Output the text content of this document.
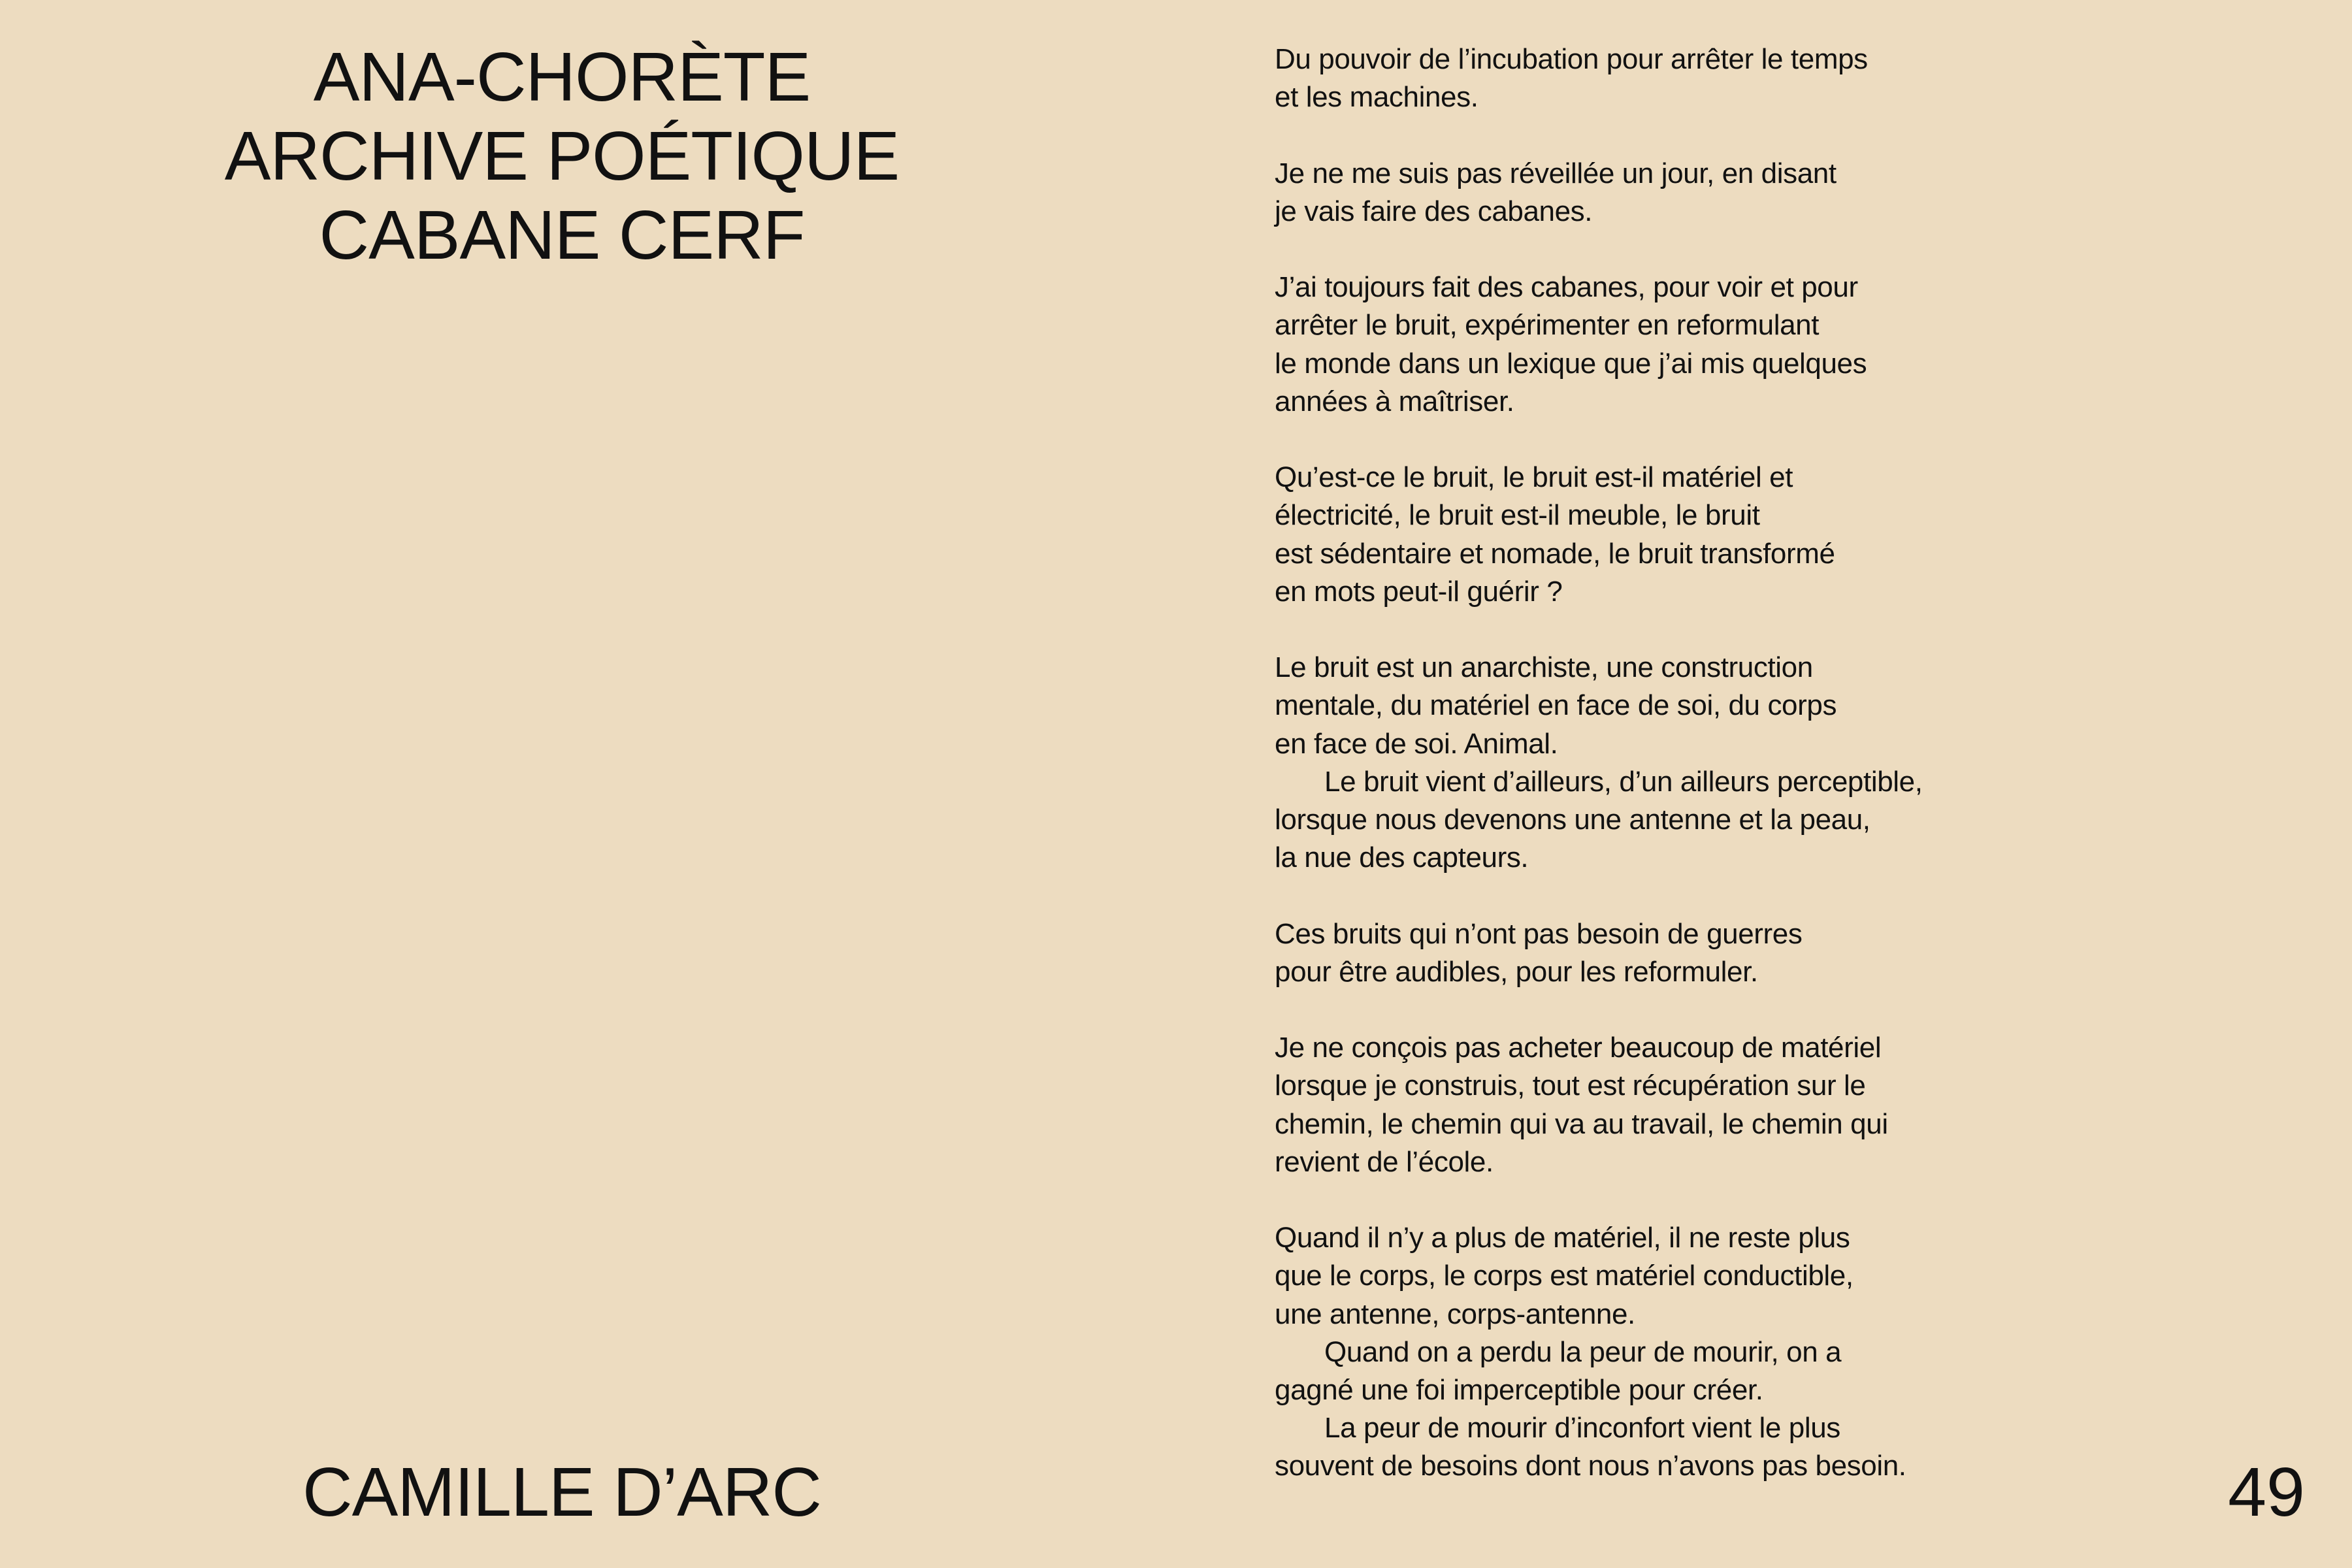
ANA-CHORÈTE
ARCHIVE POÉTIQUE
CABANE CERF
Du pouvoir de l’incubation pour arrêter le temps
et les machines.
Je ne me suis pas réveillée un jour, en disant
je vais faire des cabanes.
J’ai toujours fait des cabanes, pour voir et pour
arrêter le bruit, expérimenter en reformulant
le monde dans un lexique que j’ai mis quelques
années à maîtriser.
Qu’est-ce le bruit, le bruit est-il matériel et
électricité, le bruit est-il meuble, le bruit
est sédentaire et nomade, le bruit transformé
en mots peut-il guérir ?
Le bruit est un anarchiste, une construction
mentale, du matériel en face de soi, du corps
en face de soi. Animal.
Le bruit vient d’ailleurs, d’un ailleurs perceptible,
lorsque nous devenons une antenne et la peau,
la nue des capteurs.
Ces bruits qui n’ont pas besoin de guerres
pour être audibles, pour les reformuler.
Je ne conçois pas acheter beaucoup de matériel
lorsque je construis, tout est récupération sur le
chemin, le chemin qui va au travail, le chemin qui
revient de l’école.
Quand il n’y a plus de matériel, il ne reste plus
que le corps, le corps est matériel conductible,
une antenne, corps-antenne.
Quand on a perdu la peur de mourir, on a
gagné une foi imperceptible pour créer.
La peur de mourir d’inconfort vient le plus
souvent de besoins dont nous n’avons pas besoin.
CAMILLE D’ARC	49
